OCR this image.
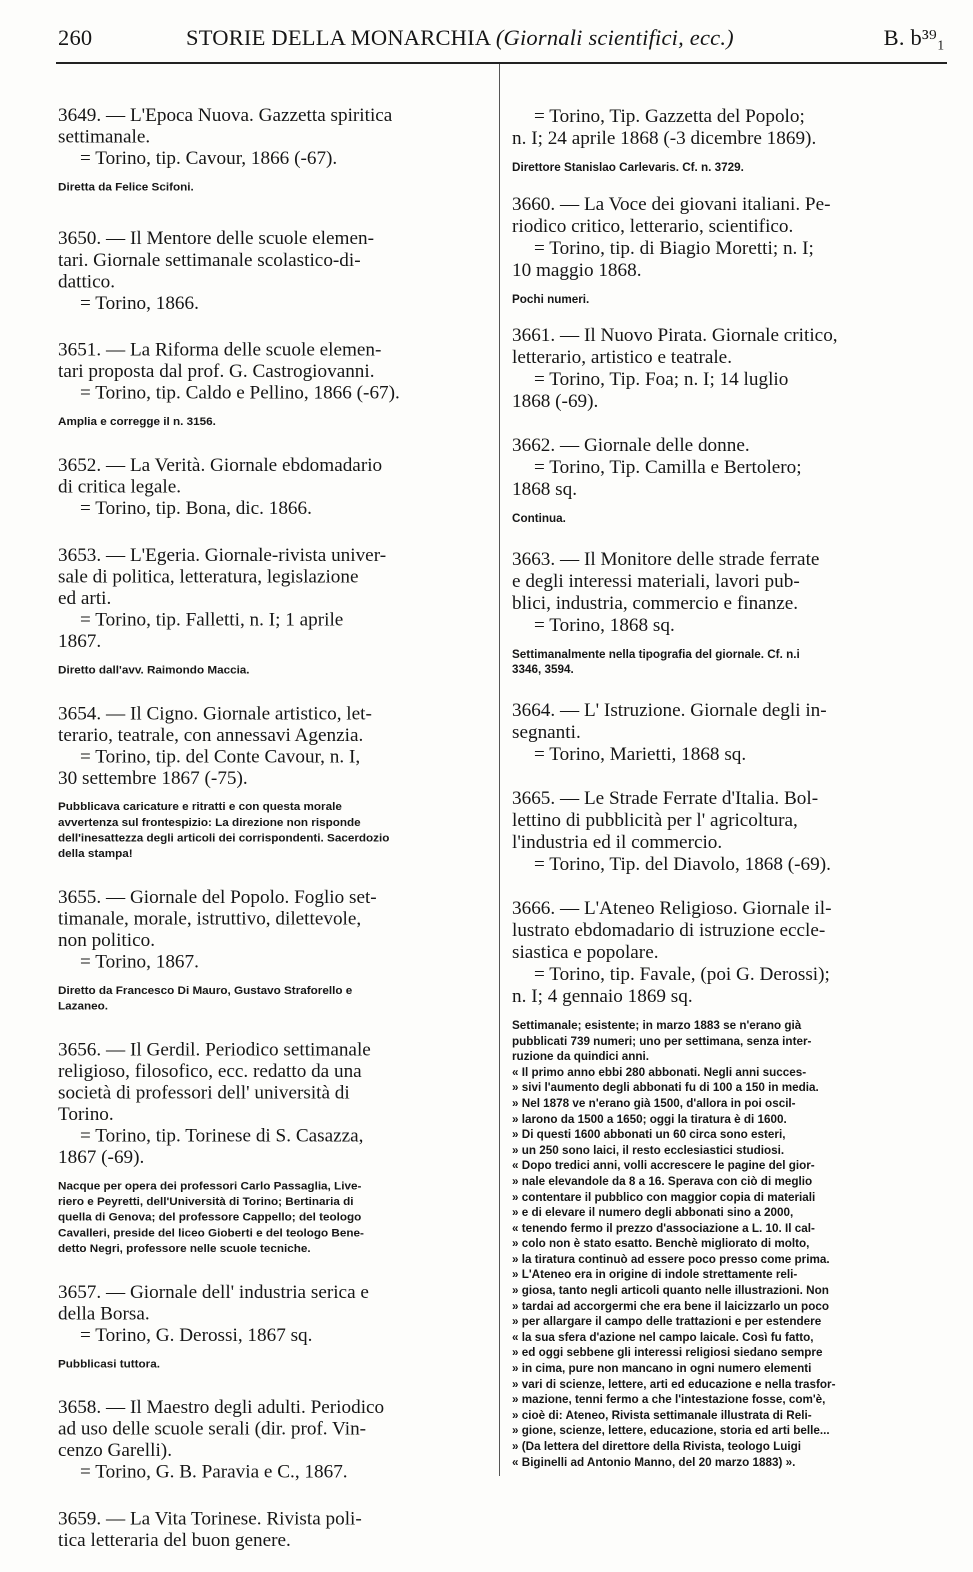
260	STORIE DELLA MONARCHIA (Giornali scientifici, ecc.)	B. b³⁹₁

3649. — L'Epoca Nuova. Gazzetta spiritica

settimanale.

= Torino, tip. Cavour, 1866 (-67).

Diretta da Felice Scifoni.

3650. — Il Mentore delle scuole elemen-

tari. Giornale settimanale scolastico-di-

dattico.

= Torino, 1866.

3651. — La Riforma delle scuole elemen-

tari proposta dal prof. G. Castrogiovanni.

= Torino, tip. Caldo e Pellino, 1866 (-67).

Amplia e corregge il n. 3156.

3652. — La Verità. Giornale ebdomadario

di critica legale.

= Torino, tip. Bona, dic. 1866.

3653. — L'Egeria. Giornale-rivista univer-

sale di politica, letteratura, legislazione

ed arti.

= Torino, tip. Falletti, n. I; 1 aprile

1867.

Diretto dall'avv. Raimondo Maccia.

3654. — Il Cigno. Giornale artistico, let-

terario, teatrale, con annessavi Agenzia.

= Torino, tip. del Conte Cavour, n. I,

30 settembre 1867 (-75).

Pubblicava caricature e ritratti e con questa morale

avvertenza sul frontespizio: La direzione non risponde

dell'inesattezza degli articoli dei corrispondenti. Sacerdozio

della stampa!

3655. — Giornale del Popolo. Foglio set-

timanale, morale, istruttivo, dilettevole,

non politico.

= Torino, 1867.

Diretto da Francesco Di Mauro, Gustavo Straforello e

Lazaneo.

3656. — Il Gerdil. Periodico settimanale

religioso, filosofico, ecc. redatto da una

società di professori dell' università di

Torino.

= Torino, tip. Torinese di S. Casazza,

1867 (-69).

Nacque per opera dei professori Carlo Passaglia, Live-

riero e Peyretti, dell'Università di Torino; Bertinaria di

quella di Genova; del professore Cappello; del teologo

Cavalleri, preside del liceo Gioberti e del teologo Bene-

detto Negri, professore nelle scuole tecniche.

3657. — Giornale dell' industria serica e

della Borsa.

= Torino, G. Derossi, 1867 sq.

Pubblicasi tuttora.

3658. — Il Maestro degli adulti. Periodico

ad uso delle scuole serali (dir. prof. Vin-

cenzo Garelli).

= Torino, G. B. Paravia e C., 1867.

3659. — La Vita Torinese. Rivista poli-

tica letteraria del buon genere.

= Torino, Tip. Gazzetta del Popolo;

n. I; 24 aprile 1868 (-3 dicembre 1869).

Direttore Stanislao Carlevaris. Cf. n. 3729.

3660. — La Voce dei giovani italiani. Pe-

riodico critico, letterario, scientifico.

= Torino, tip. di Biagio Moretti; n. I;

10 maggio 1868.

Pochi numeri.

3661. — Il Nuovo Pirata. Giornale critico,

letterario, artistico e teatrale.

= Torino, Tip. Foa; n. I; 14 luglio

1868 (-69).

3662. — Giornale delle donne.

= Torino, Tip. Camilla e Bertolero;

1868 sq.

Continua.

3663. — Il Monitore delle strade ferrate

e degli interessi materiali, lavori pub-

blici, industria, commercio e finanze.

= Torino, 1868 sq.

Settimanalmente nella tipografia del giornale. Cf. n.i

3346, 3594.

3664. — L' Istruzione. Giornale degli in-

segnanti.

= Torino, Marietti, 1868 sq.

3665. — Le Strade Ferrate d'Italia. Bol-

lettino di pubblicità per l' agricoltura,

l'industria ed il commercio.

= Torino, Tip. del Diavolo, 1868 (-69).

3666. — L'Ateneo Religioso. Giornale il-

lustrato ebdomadario di istruzione eccle-

siastica e popolare.

= Torino, tip. Favale, (poi G. Derossi);

n. I; 4 gennaio 1869 sq.

Settimanale; esistente; in marzo 1883 se n'erano già

pubblicati 739 numeri; uno per settimana, senza inter-

ruzione da quindici anni.

« Il primo anno ebbi 280 abbonati. Negli anni succes-

» sivi l'aumento degli abbonati fu di 100 a 150 in media.

» Nel 1878 ve n'erano già 1500, d'allora in poi oscil-

» larono da 1500 a 1650; oggi la tiratura è di 1600.

» Di questi 1600 abbonati un 60 circa sono esteri,

» un 250 sono laici, il resto ecclesiastici studiosi.

« Dopo tredici anni, volli accrescere le pagine del gior-

» nale elevandole da 8 a 16. Sperava con ciò di meglio

» contentare il pubblico con maggior copia di materiali

» e di elevare il numero degli abbonati sino a 2000,

« tenendo fermo il prezzo d'associazione a L. 10. Il cal-

» colo non è stato esatto. Benchè migliorato di molto,

» la tiratura continuò ad essere poco presso come prima.

» L'Ateneo era in origine di indole strettamente reli-

» giosa, tanto negli articoli quanto nelle illustrazioni. Non

» tardai ad accorgermi che era bene il laicizzarlo un poco

» per allargare il campo delle trattazioni e per estendere

« la sua sfera d'azione nel campo laicale. Così fu fatto,

» ed oggi sebbene gli interessi religiosi siedano sempre

» in cima, pure non mancano in ogni numero elementi

» vari di scienze, lettere, arti ed educazione e nella trasfor-

» mazione, tenni fermo a che l'intestazione fosse, com'è,

» cioè di: Ateneo, Rivista settimanale illustrata di Reli-

» gione, scienze, lettere, educazione, storia ed arti belle...

» (Da lettera del direttore della Rivista, teologo Luigi

« Biginelli ad Antonio Manno, del 20 marzo 1883) ».
